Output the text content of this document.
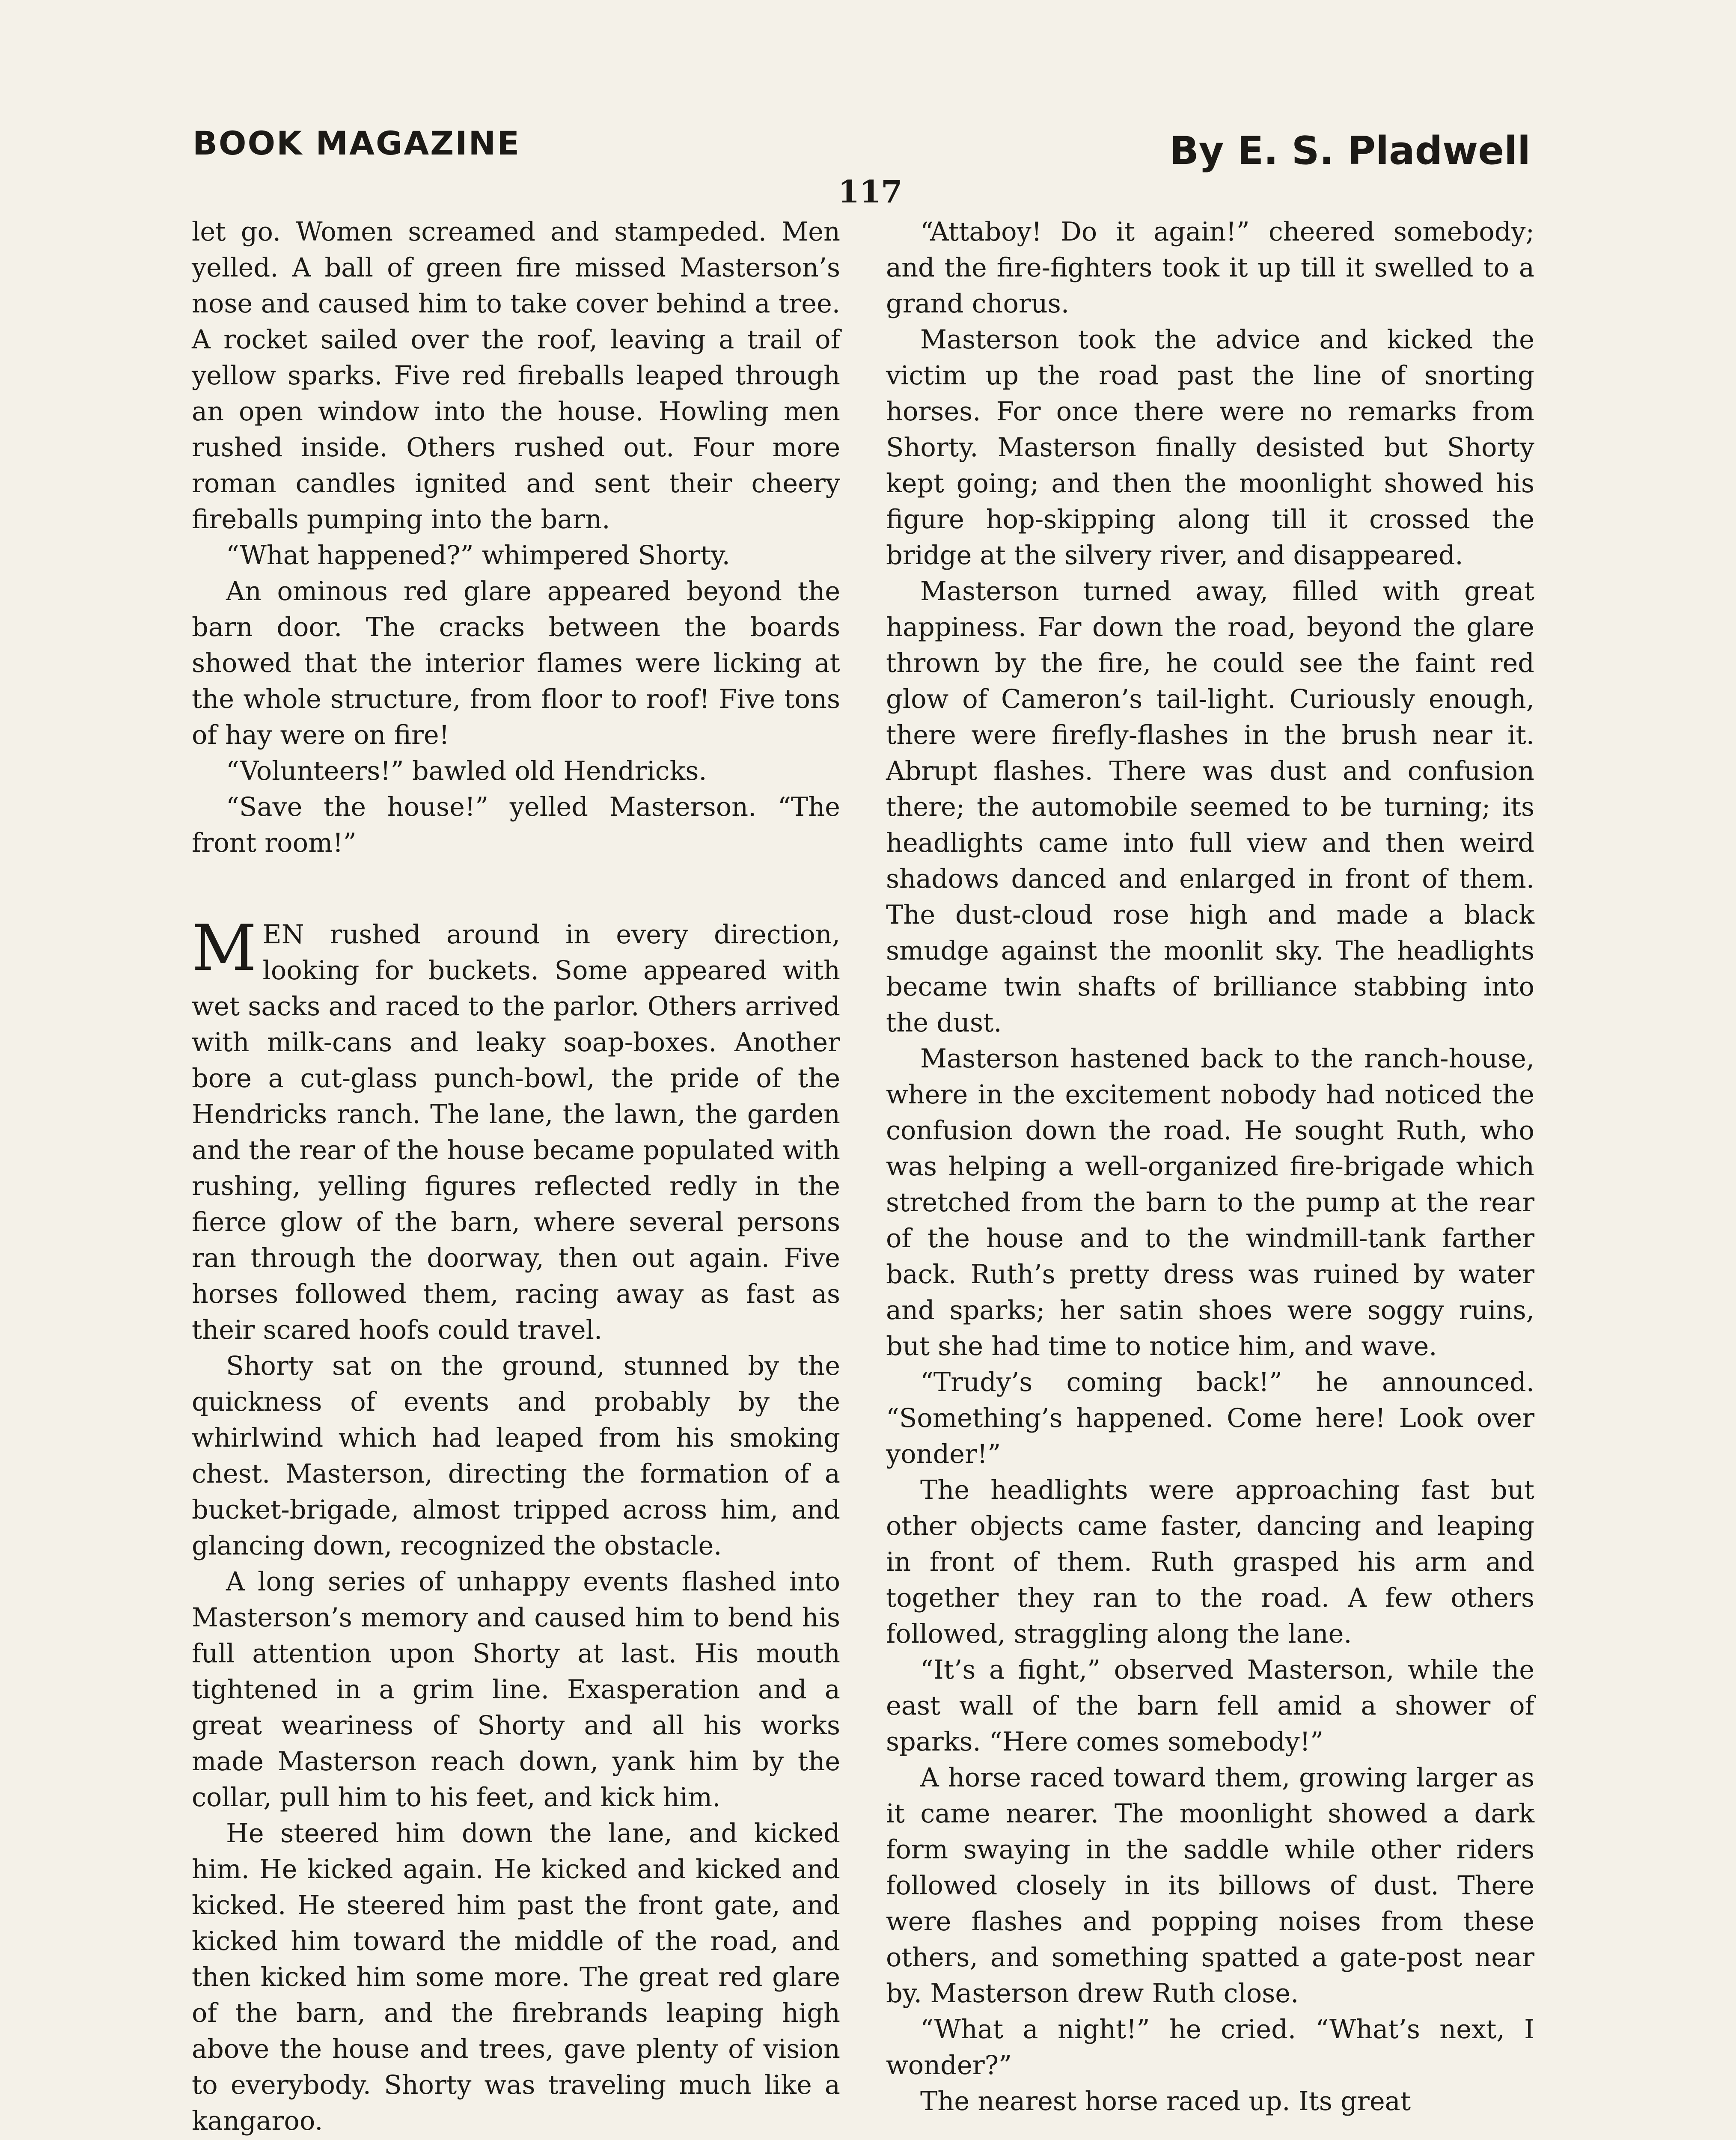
BOOK MAGAZINE	By E. S. Pladwell
117

let go. Women screamed and stampeded. Men yelled. A ball of green fire missed Masterson’s nose and caused him to take cover behind a tree. A rocket sailed over the roof, leaving a trail of yellow sparks. Five red fireballs leaped through an open window into the house. Howling men rushed inside. Others rushed out. Four more roman candles ignited and sent their cheery fireballs pumping into the barn.

“What happened?” whimpered Shorty.

An ominous red glare appeared beyond the barn door. The cracks between the boards showed that the interior flames were licking at the whole structure, from floor to roof! Five tons of hay were on fire!

“Volunteers!” bawled old Hendricks.

“Save the house!” yelled Masterson. “The front room!”

MEN rushed around in every direction, looking for buckets. Some appeared with wet sacks and raced to the parlor. Others arrived with milk-cans and leaky soap-boxes. Another bore a cut-glass punch-bowl, the pride of the Hendricks ranch. The lane, the lawn, the garden and the rear of the house became populated with rushing, yelling figures reflected redly in the fierce glow of the barn, where several persons ran through the doorway, then out again. Five horses followed them, racing away as fast as their scared hoofs could travel.

Shorty sat on the ground, stunned by the quickness of events and probably by the whirlwind which had leaped from his smoking chest. Masterson, directing the formation of a bucket-brigade, almost tripped across him, and glancing down, recognized the obstacle.

A long series of unhappy events flashed into Masterson’s memory and caused him to bend his full attention upon Shorty at last. His mouth tightened in a grim line. Exasperation and a great weariness of Shorty and all his works made Masterson reach down, yank him by the collar, pull him to his feet, and kick him.

He steered him down the lane, and kicked him. He kicked again. He kicked and kicked and kicked. He steered him past the front gate, and kicked him toward the middle of the road, and then kicked him some more. The great red glare of the barn, and the firebrands leaping high above the house and trees, gave plenty of vision to everybody. Shorty was traveling much like a kangaroo.

“Attaboy! Do it again!” cheered somebody; and the fire-fighters took it up till it swelled to a grand chorus.

Masterson took the advice and kicked the victim up the road past the line of snorting horses. For once there were no remarks from Shorty. Masterson finally desisted but Shorty kept going; and then the moonlight showed his figure hop-skipping along till it crossed the bridge at the silvery river, and disappeared.

Masterson turned away, filled with great happiness. Far down the road, beyond the glare thrown by the fire, he could see the faint red glow of Cameron’s tail-light. Curiously enough, there were firefly-flashes in the brush near it. Abrupt flashes. There was dust and confusion there; the automobile seemed to be turning; its headlights came into full view and then weird shadows danced and enlarged in front of them. The dust-cloud rose high and made a black smudge against the moonlit sky. The headlights became twin shafts of brilliance stabbing into the dust.

Masterson hastened back to the ranch-house, where in the excitement nobody had noticed the confusion down the road. He sought Ruth, who was helping a well-organized fire-brigade which stretched from the barn to the pump at the rear of the house and to the windmill-tank farther back. Ruth’s pretty dress was ruined by water and sparks; her satin shoes were soggy ruins, but she had time to notice him, and wave.

“Trudy’s coming back!” he announced. “Something’s happened. Come here! Look over yonder!”

The headlights were approaching fast but other objects came faster, dancing and leaping in front of them. Ruth grasped his arm and together they ran to the road. A few others followed, straggling along the lane.

“It’s a fight,” observed Masterson, while the east wall of the barn fell amid a shower of sparks. “Here comes somebody!”

A horse raced toward them, growing larger as it came nearer. The moonlight showed a dark form swaying in the saddle while other riders followed closely in its billows of dust. There were flashes and popping noises from these others, and something spatted a gate-post near by. Masterson drew Ruth close.

“What a night!” he cried. “What’s next, I wonder?”

The nearest horse raced up. Its great
